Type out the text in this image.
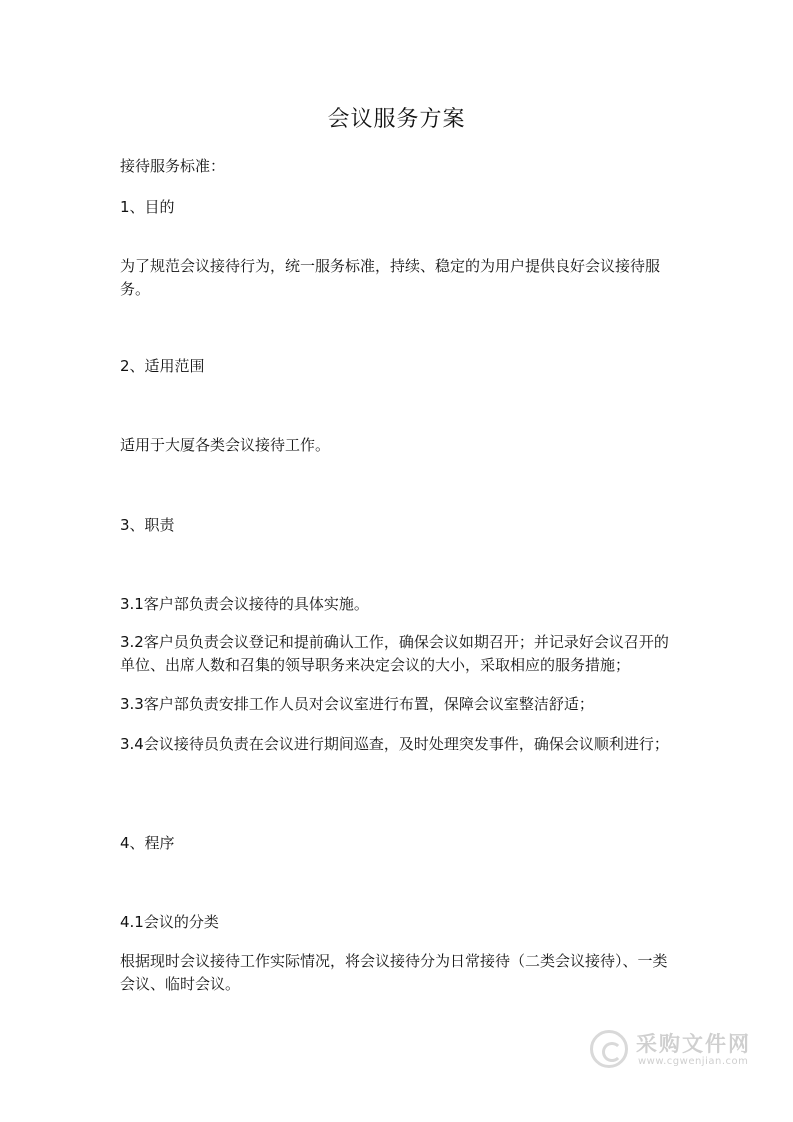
会议服务方案

接待服务标准：

1、目的

为了规范会议接待行为，统一服务标准，持续、稳定的为用户提供良好会议接待服务。

2、适用范围

适用于大厦各类会议接待工作。

3、职责

3.1客户部负责会议接待的具体实施。

3.2客户员负责会议登记和提前确认工作，确保会议如期召开；并记录好会议召开的单位、出席人数和召集的领导职务来决定会议的大小，采取相应的服务措施；

3.3客户部负责安排工作人员对会议室进行布置，保障会议室整洁舒适；

3.4会议接待员负责在会议进行期间巡查，及时处理突发事件，确保会议顺利进行；

4、程序

4.1会议的分类

根据现时会议接待工作实际情况，将会议接待分为日常接待（二类会议接待）、一类会议、临时会议。

采购文件网
www.cgwenjian.com
